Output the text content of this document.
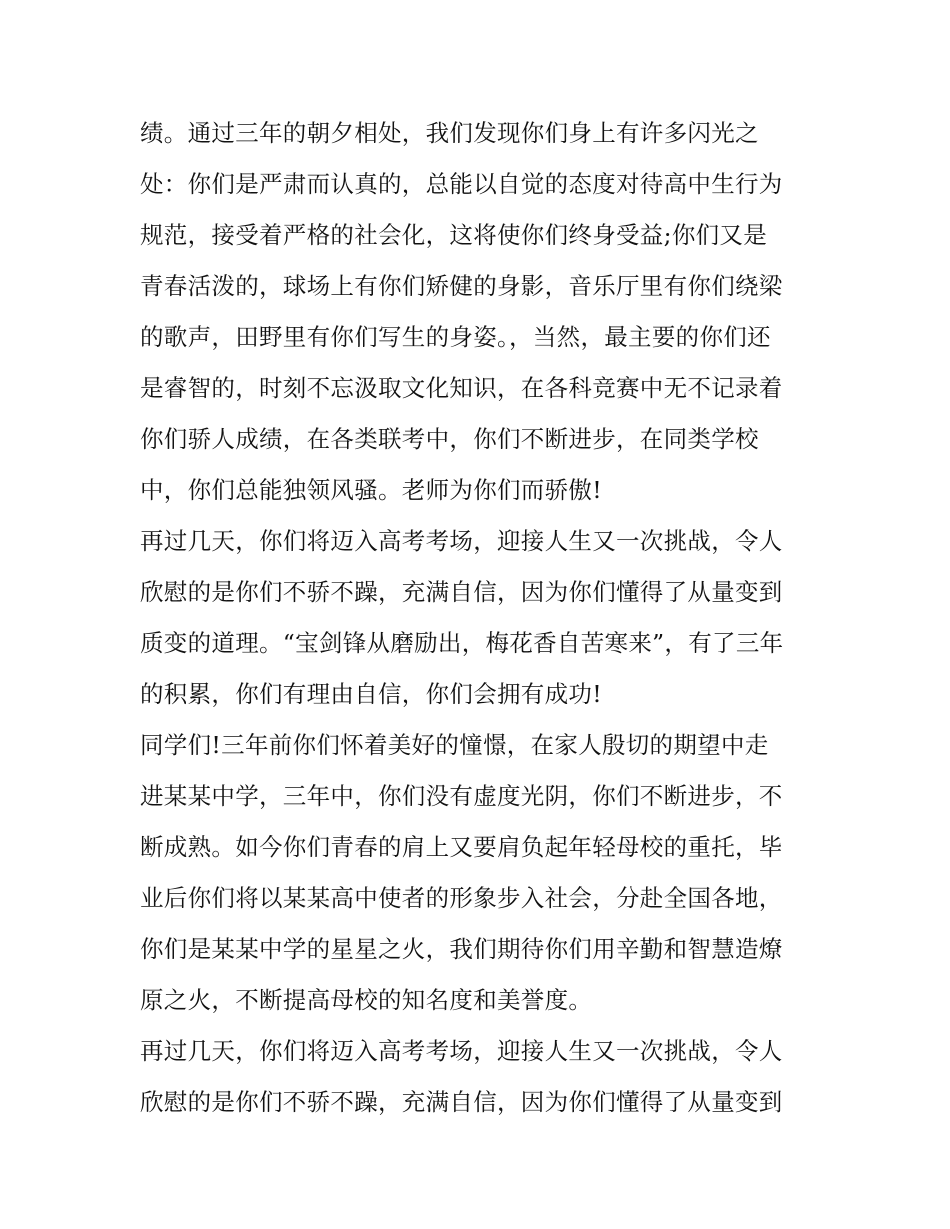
绩。通过三年的朝夕相处，我们发现你们身上有许多闪光之
处：你们是严肃而认真的，总能以自觉的态度对待高中生行为
规范，接受着严格的社会化，这将使你们终身受益;你们又是
青春活泼的，球场上有你们矫健的身影，音乐厅里有你们绕梁
的歌声，田野里有你们写生的身姿。，当然，最主要的你们还
是睿智的，时刻不忘汲取文化知识，在各科竞赛中无不记录着
你们骄人成绩，在各类联考中，你们不断进步，在同类学校
中，你们总能独领风骚。老师为你们而骄傲!
再过几天，你们将迈入高考考场，迎接人生又一次挑战，令人
欣慰的是你们不骄不躁，充满自信，因为你们懂得了从量变到
质变的道理。“宝剑锋从磨励出，梅花香自苦寒来”，有了三年
的积累，你们有理由自信，你们会拥有成功!
同学们!三年前你们怀着美好的憧憬，在家人殷切的期望中走
进某某中学，三年中，你们没有虚度光阴，你们不断进步，不
断成熟。如今你们青春的肩上又要肩负起年轻母校的重托，毕
业后你们将以某某高中使者的形象步入社会，分赴全国各地，
你们是某某中学的星星之火，我们期待你们用辛勤和智慧造燎
原之火，不断提高母校的知名度和美誉度。
再过几天，你们将迈入高考考场，迎接人生又一次挑战，令人
欣慰的是你们不骄不躁，充满自信，因为你们懂得了从量变到
